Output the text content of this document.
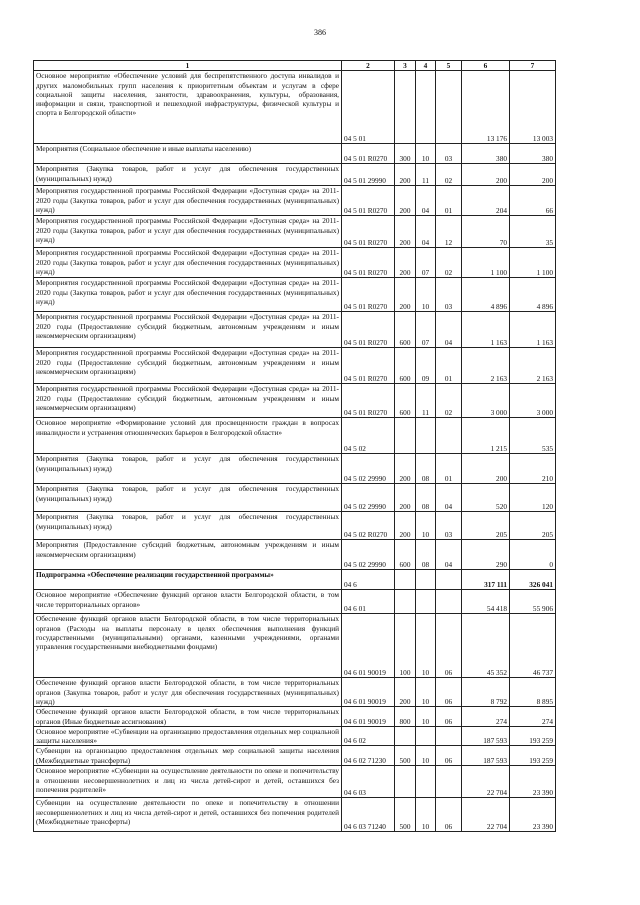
386
1	2	3	4	5	6	7
Основное мероприятие «Обеспечение условий для беспрепятственного доступа инвалидов и других маломобильных групп населения к приоритетным объектам и услугам в сфере социальной защиты населения, занятости, здравоохранения, культуры, образования, информации и связи, транспортной и пешеходной инфраструктуры, физической культуры и спорта в Белгородской области»	04 5 01				13 176	13 003
Мероприятия (Социальное обеспечение и иные выплаты населению)	04 5 01 R0270	300	10	03	380	380
Мероприятия (Закупка товаров, работ и услуг для обеспечения государственных (муниципальных) нужд)	04 5 01 29990	200	11	02	200	200
Мероприятия государственной программы Российской Федерации «Доступная среда» на 2011-2020 годы (Закупка товаров, работ и услуг для обеспечения государственных (муниципальных) нужд)	04 5 01 R0270	200	04	01	204	66
Мероприятия государственной программы Российской Федерации «Доступная среда» на 2011-2020 годы (Закупка товаров, работ и услуг для обеспечения государственных (муниципальных) нужд)	04 5 01 R0270	200	04	12	70	35
Мероприятия государственной программы Российской Федерации «Доступная среда» на 2011-2020 годы (Закупка товаров, работ и услуг для обеспечения государственных (муниципальных) нужд)	04 5 01 R0270	200	07	02	1 100	1 100
Мероприятия государственной программы Российской Федерации «Доступная среда» на 2011-2020 годы (Закупка товаров, работ и услуг для обеспечения государственных (муниципальных) нужд)	04 5 01 R0270	200	10	03	4 896	4 896
Мероприятия государственной программы Российской Федерации «Доступная среда» на 2011-2020 годы (Предоставление субсидий бюджетным, автономным учреждениям и иным некоммерческим организациям)	04 5 01 R0270	600	07	04	1 163	1 163
Мероприятия государственной программы Российской Федерации «Доступная среда» на 2011-2020 годы (Предоставление субсидий бюджетным, автономным учреждениям и иным некоммерческим организациям)	04 5 01 R0270	600	09	01	2 163	2 163
Мероприятия государственной программы Российской Федерации «Доступная среда» на 2011-2020 годы (Предоставление субсидий бюджетным, автономным учреждениям и иным некоммерческим организациям)	04 5 01 R0270	600	11	02	3 000	3 000
Основное мероприятие «Формирование условий для просвещенности граждан в вопросах инвалидности и устранения отношенческих барьеров в Белгородской области»	04 5 02				1 215	535
Мероприятия (Закупка товаров, работ и услуг для обеспечения государственных (муниципальных) нужд)	04 5 02 29990	200	08	01	200	210
Мероприятия (Закупка товаров, работ и услуг для обеспечения государственных (муниципальных) нужд)	04 5 02 29990	200	08	04	520	120
Мероприятия (Закупка товаров, работ и услуг для обеспечения государственных (муниципальных) нужд)	04 5 02 R0270	200	10	03	205	205
Мероприятия (Предоставление субсидий бюджетным, автономным учреждениям и иным некоммерческим организациям)	04 5 02 29990	600	08	04	290	0
Подпрограмма «Обеспечение реализации государственной программы»	04 6				317 111	326 041
Основное мероприятие «Обеспечение функций органов власти Белгородской области, в том числе территориальных органов»	04 6 01				54 418	55 906
Обеспечение функций органов власти Белгородской области, в том числе территориальных органов (Расходы на выплаты персоналу в целях обеспечения выполнения функций государственными (муниципальными) органами, казенными учреждениями, органами управления государственными внебюджетными фондами)	04 6 01 90019	100	10	06	45 352	46 737
Обеспечение функций органов власти Белгородской области, в том числе территориальных органов (Закупка товаров, работ и услуг для обеспечения государственных (муниципальных) нужд)	04 6 01 90019	200	10	06	8 792	8 895
Обеспечение функций органов власти Белгородской области, в том числе территориальных органов (Иные бюджетные ассигнования)	04 6 01 90019	800	10	06	274	274
Основное мероприятие «Субвенции на организацию предоставления отдельных мер социальной защиты населения»	04 6 02				187 593	193 259
Субвенции на организацию предоставления отдельных мер социальной защиты населения (Межбюджетные трансферты)	04 6 02 71230	500	10	06	187 593	193 259
Основное мероприятие «Субвенции на осуществление деятельности по опеке и попечительству в отношении несовершеннолетних и лиц из числа детей-сирот и детей, оставшихся без попечения родителей»	04 6 03				22 704	23 390
Субвенции на осуществление деятельности по опеке и попечительству в отношении несовершеннолетних и лиц из числа детей-сирот и детей, оставшихся без попечения родителей (Межбюджетные трансферты)	04 6 03 71240	500	10	06	22 704	23 390
